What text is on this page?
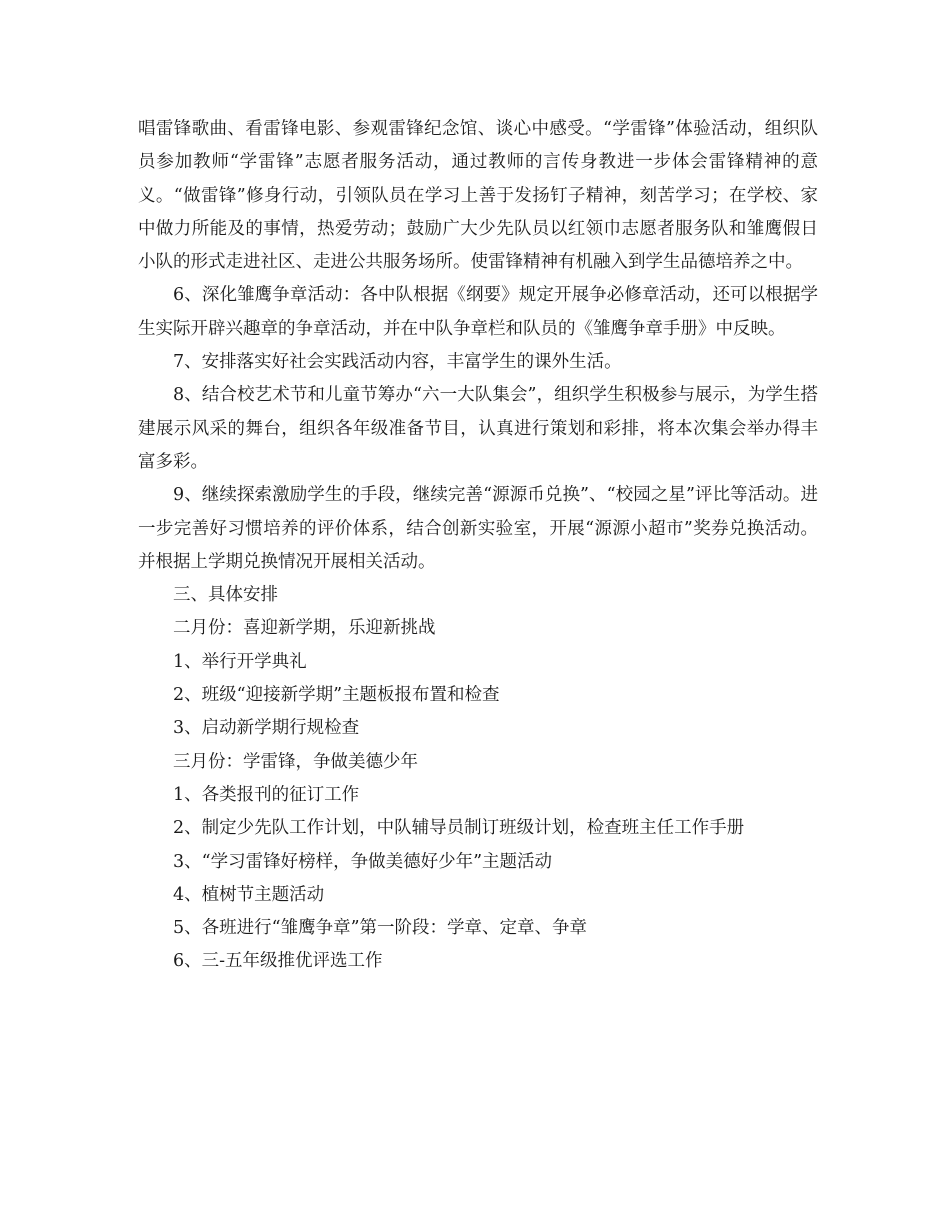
唱雷锋歌曲、看雷锋电影、参观雷锋纪念馆、谈心中感受。“学雷锋”体验活动，组织队员参加教师“学雷锋”志愿者服务活动，通过教师的言传身教进一步体会雷锋精神的意义。“做雷锋”修身行动，引领队员在学习上善于发扬钉子精神，刻苦学习；在学校、家中做力所能及的事情，热爱劳动；鼓励广大少先队员以红领巾志愿者服务队和雏鹰假日小队的形式走进社区、走进公共服务场所。使雷锋精神有机融入到学生品德培养之中。

6、深化雏鹰争章活动：各中队根据《纲要》规定开展争必修章活动，还可以根据学生实际开辟兴趣章的争章活动，并在中队争章栏和队员的《雏鹰争章手册》中反映。

7、安排落实好社会实践活动内容，丰富学生的课外生活。

8、结合校艺术节和儿童节筹办“六一大队集会”，组织学生积极参与展示，为学生搭建展示风采的舞台，组织各年级准备节目，认真进行策划和彩排，将本次集会举办得丰富多彩。

9、继续探索激励学生的手段，继续完善“源源币兑换”、“校园之星”评比等活动。进一步完善好习惯培养的评价体系，结合创新实验室，开展“源源小超市”奖券兑换活动。并根据上学期兑换情况开展相关活动。

三、具体安排

二月份：喜迎新学期，乐迎新挑战

1、举行开学典礼

2、班级“迎接新学期”主题板报布置和检查

3、启动新学期行规检查

三月份：学雷锋，争做美德少年

1、各类报刊的征订工作

2、制定少先队工作计划，中队辅导员制订班级计划，检查班主任工作手册

3、“学习雷锋好榜样，争做美德好少年”主题活动

4、植树节主题活动

5、各班进行“雏鹰争章”第一阶段：学章、定章、争章

6、三-五年级推优评选工作
